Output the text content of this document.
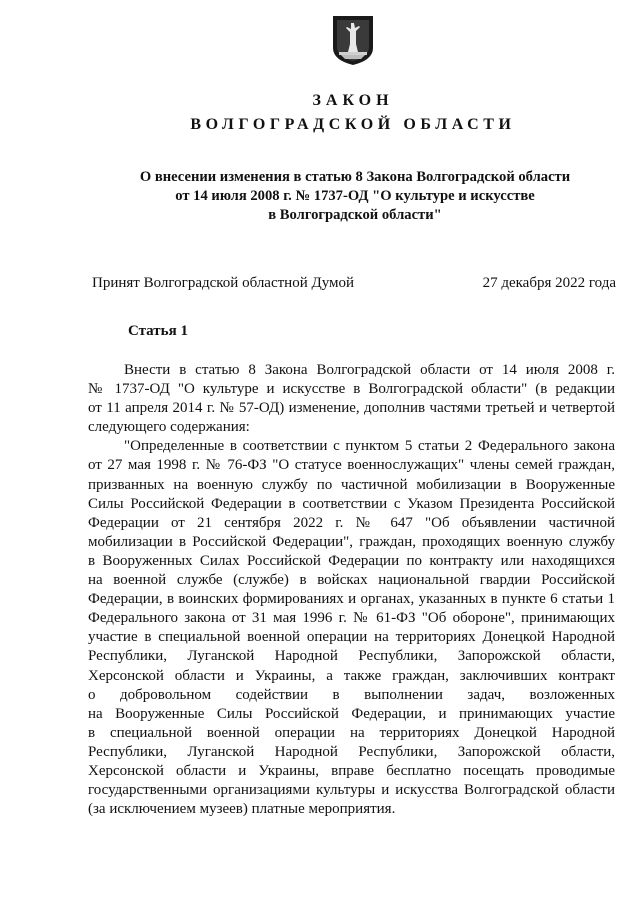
ЗАКОН
ВОЛГОГРАДСКОЙ ОБЛАСТИ
О внесении изменения в статью 8 Закона Волгоградской области
от 14 июля 2008 г. № 1737-ОД "О культуре и искусстве
в Волгоградской области"
Принят Волгоградской областной Думой	27 декабря 2022 года
Статья 1
Внести в статью 8 Закона Волгоградской области от 14 июля 2008 г.
№ 1737-ОД "О культуре и искусстве в Волгоградской области" (в редакции
от 11 апреля 2014 г. № 57-ОД) изменение, дополнив частями третьей и четвертой
следующего содержания:
"Определенные в соответствии с пунктом 5 статьи 2 Федерального закона
от 27 мая 1998 г. № 76-ФЗ "О статусе военнослужащих" члены семей граждан,
призванных на военную службу по частичной мобилизации в Вооруженные
Силы Российской Федерации в соответствии с Указом Президента Российской
Федерации от 21 сентября 2022 г. № 647 "Об объявлении частичной
мобилизации в Российской Федерации", граждан, проходящих военную службу
в Вооруженных Силах Российской Федерации по контракту или находящихся
на военной службе (службе) в войсках национальной гвардии Российской
Федерации, в воинских формированиях и органах, указанных в пункте 6 статьи 1
Федерального закона от 31 мая 1996 г. № 61-ФЗ "Об обороне", принимающих
участие в специальной военной операции на территориях Донецкой Народной
Республики, Луганской Народной Республики, Запорожской области,
Херсонской области и Украины, а также граждан, заключивших контракт
о добровольном содействии в выполнении задач, возложенных
на Вооруженные Силы Российской Федерации, и принимающих участие
в специальной военной операции на территориях Донецкой Народной
Республики, Луганской Народной Республики, Запорожской области,
Херсонской области и Украины, вправе бесплатно посещать проводимые
государственными организациями культуры и искусства Волгоградской области
(за исключением музеев) платные мероприятия.
